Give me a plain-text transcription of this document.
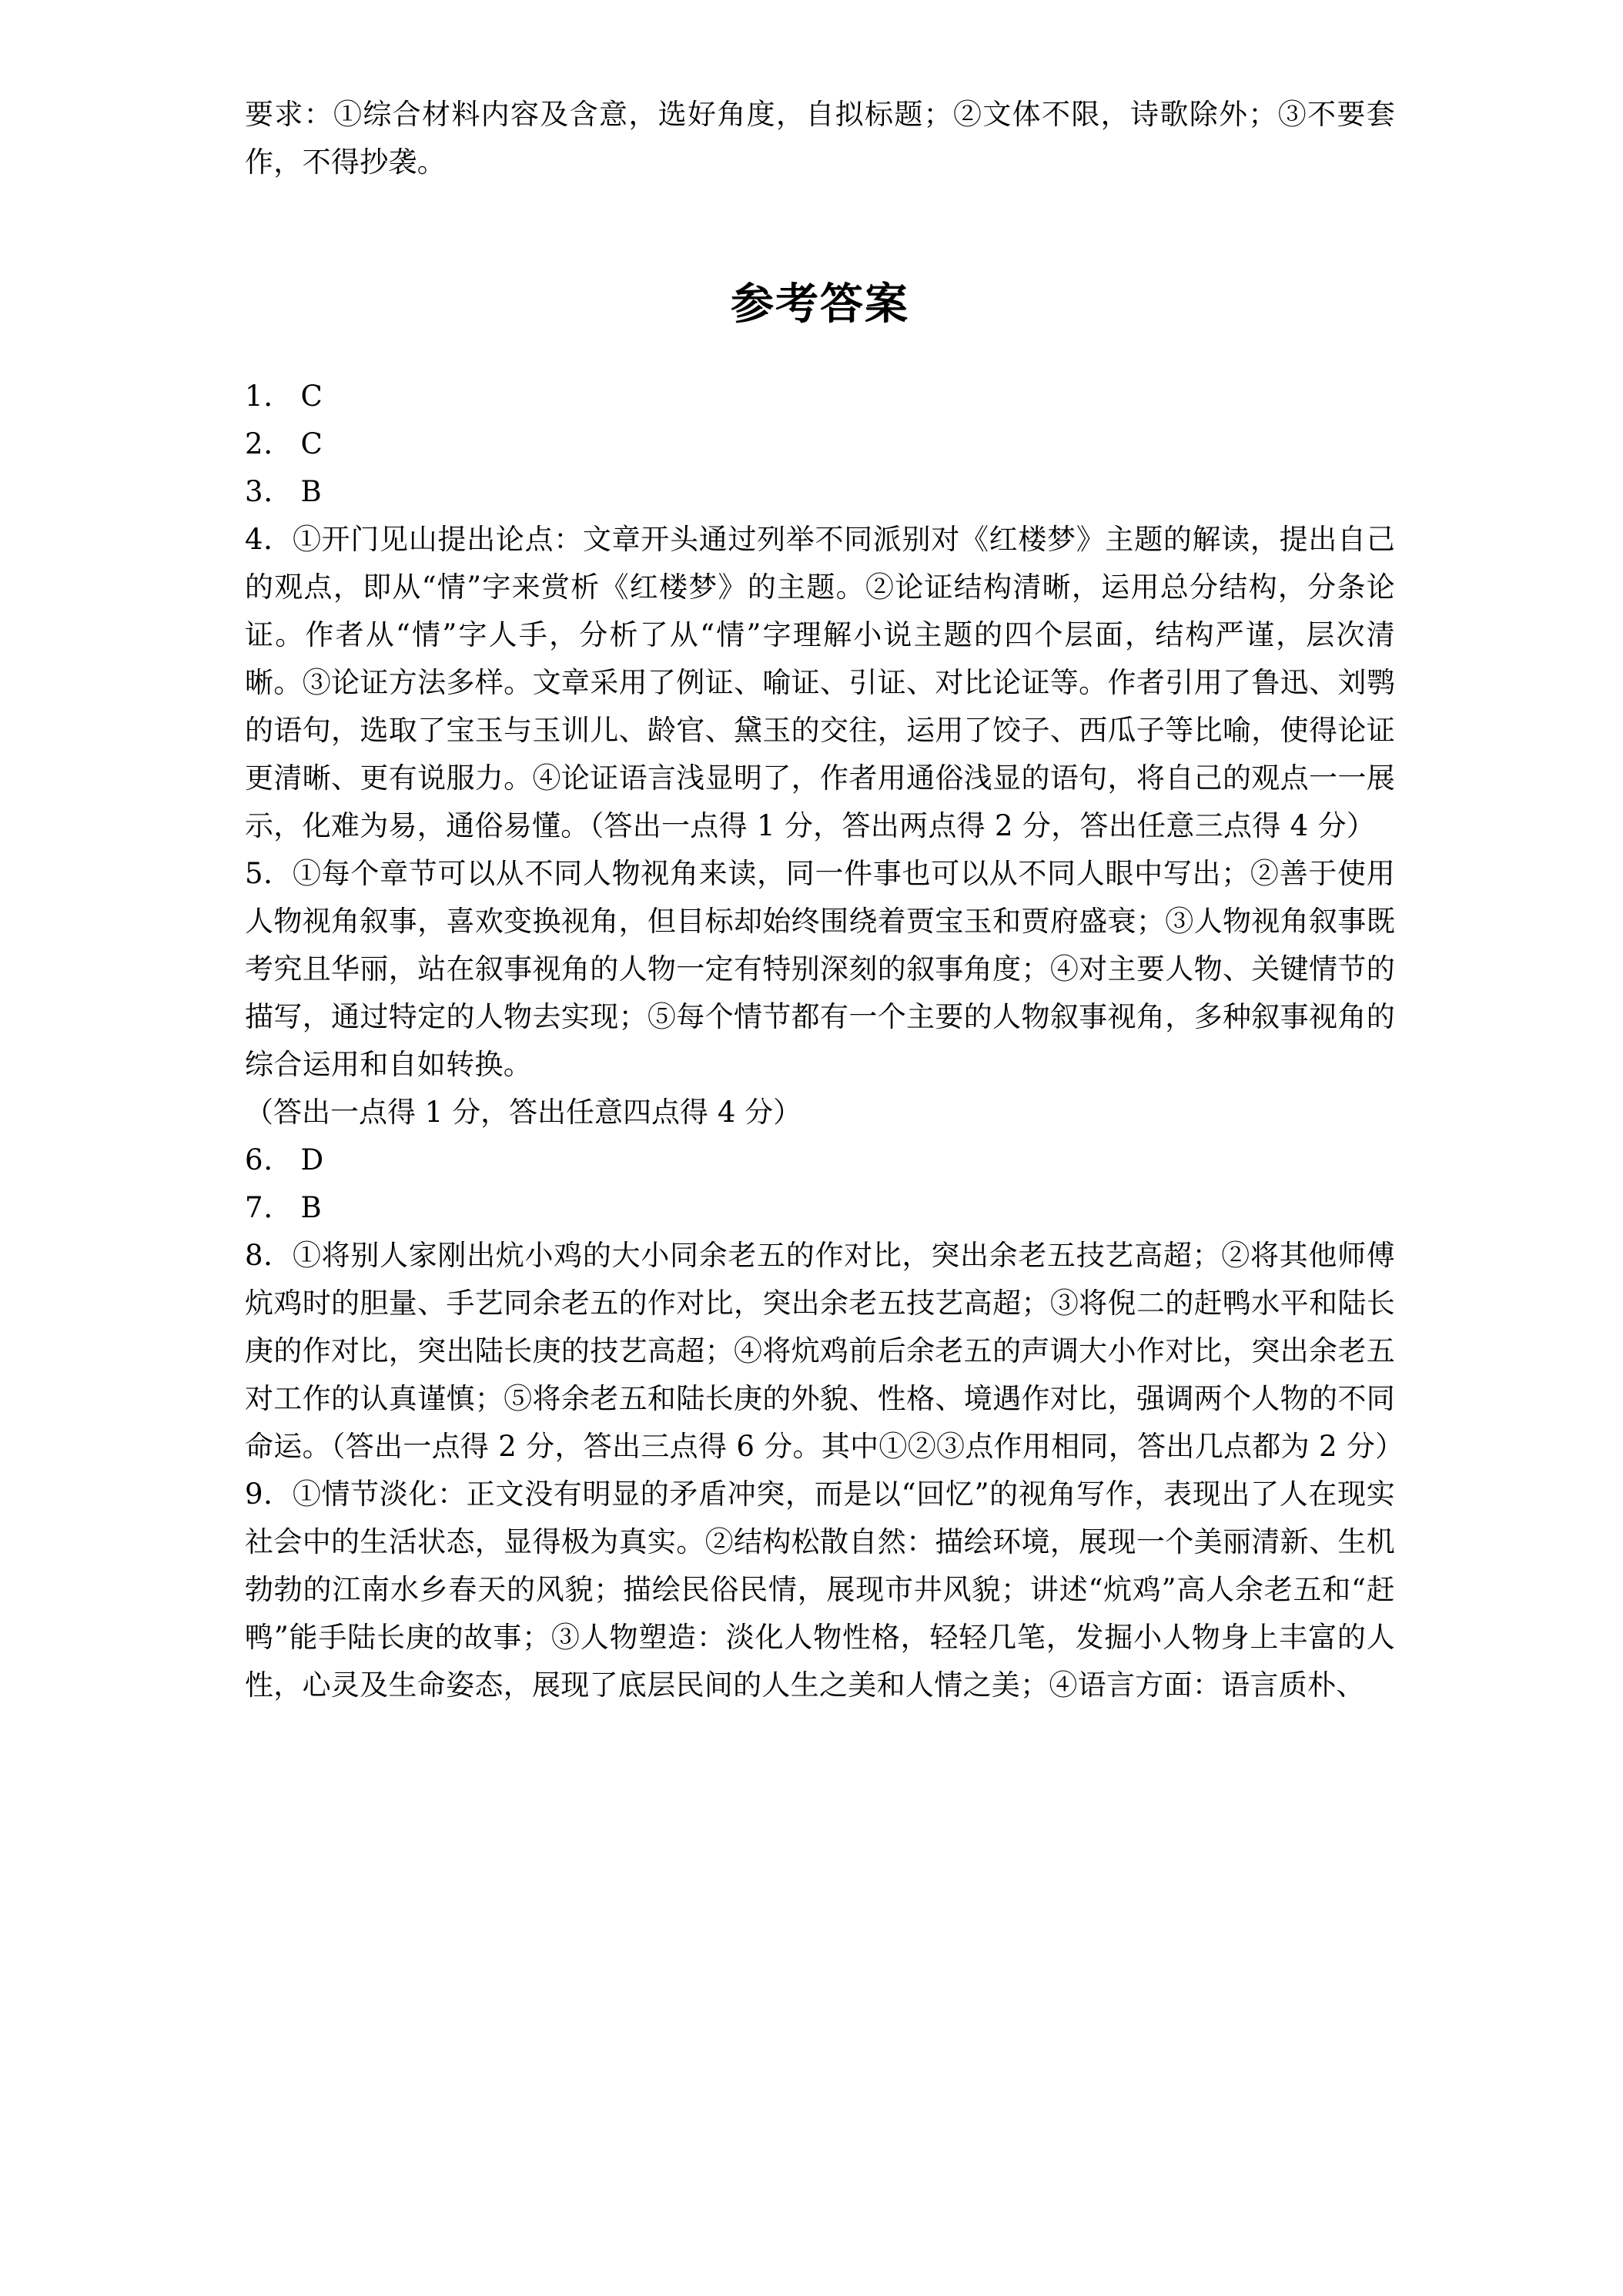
要求：①综合材料内容及含意，选好角度，自拟标题；②文体不限，诗歌除外；③不要套作，不得抄袭。

参考答案

1． C

2． C

3． B

4．①开门见山提出论点：文章开头通过列举不同派别对《红楼梦》主题的解读，提出自己的观点，即从“情”字来赏析《红楼梦》的主题。②论证结构清晰，运用总分结构，分条论证。作者从“情”字人手，分析了从“情”字理解小说主题的四个层面，结构严谨，层次清晰。③论证方法多样。文章采用了例证、喻证、引证、对比论证等。作者引用了鲁迅、刘鹗的语句，选取了宝玉与玉训儿、龄官、黛玉的交往，运用了饺子、西瓜子等比喻，使得论证更清晰、更有说服力。④论证语言浅显明了，作者用通俗浅显的语句，将自己的观点一一展示，化难为易，通俗易懂。（答出一点得 1 分，答出两点得 2 分，答出任意三点得 4 分）

5．①每个章节可以从不同人物视角来读，同一件事也可以从不同人眼中写出；②善于使用人物视角叙事，喜欢变换视角，但目标却始终围绕着贾宝玉和贾府盛衰；③人物视角叙事既考究且华丽，站在叙事视角的人物一定有特别深刻的叙事角度；④对主要人物、关键情节的描写，通过特定的人物去实现；⑤每个情节都有一个主要的人物叙事视角，多种叙事视角的综合运用和自如转换。

（答出一点得 1 分，答出任意四点得 4 分）

6． D

7． B

8．①将别人家刚出炕小鸡的大小同余老五的作对比，突出余老五技艺高超；②将其他师傅炕鸡时的胆量、手艺同余老五的作对比，突出余老五技艺高超；③将倪二的赶鸭水平和陆长庚的作对比，突出陆长庚的技艺高超；④将炕鸡前后余老五的声调大小作对比，突出余老五对工作的认真谨慎；⑤将余老五和陆长庚的外貌、性格、境遇作对比，强调两个人物的不同命运。（答出一点得 2 分，答出三点得 6 分。其中①②③点作用相同，答出几点都为 2 分）

9．①情节淡化：正文没有明显的矛盾冲突，而是以“回忆”的视角写作，表现出了人在现实社会中的生活状态，显得极为真实。②结构松散自然：描绘环境，展现一个美丽清新、生机勃勃的江南水乡春天的风貌；描绘民俗民情，展现市井风貌；讲述“炕鸡”高人余老五和“赶鸭”能手陆长庚的故事；③人物塑造：淡化人物性格，轻轻几笔，发掘小人物身上丰富的人性，心灵及生命姿态，展现了底层民间的人生之美和人情之美；④语言方面：语言质朴、
